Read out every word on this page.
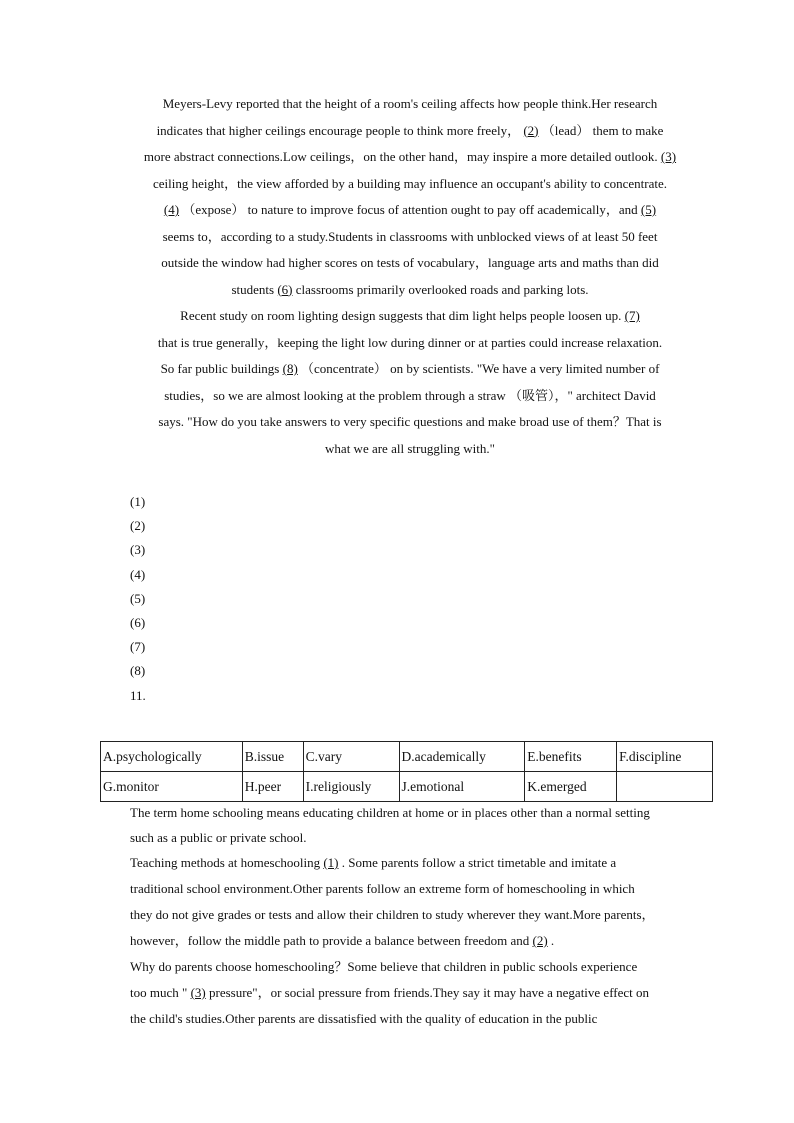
Meyers-Levy reported that the height of a room's ceiling affects how people think.Her research
indicates that higher ceilings encourage people to think more freely， (2) （lead） them to make
more abstract connections.Low ceilings，on the other hand，may inspire a more detailed outlook. (3)
ceiling height，the view afforded by a building may influence an occupant's ability to concentrate.
(4) （expose） to nature to improve focus of attention ought to pay off academically，and (5)
seems to，according to a study.Students in classrooms with unblocked views of at least 50 feet
outside the window had higher scores on tests of vocabulary，language arts and maths than did
students (6) classrooms primarily overlooked roads and parking lots.

Recent study on room lighting design suggests that dim light helps people loosen up. (7)
that is true generally，keeping the light low during dinner or at parties could increase relaxation.
So far public buildings (8) （concentrate） on by scientists. "We have a very limited number of
studies，so we are almost looking at the problem through a straw （吸管），" architect David
says. "How do you take answers to very specific questions and make broad use of them？That is
what we are all struggling with."

(1)
(2)
(3)
(4)
(5)
(6)
(7)
(8)
11.
A.psychologically	B.issue	C.vary	D.academically	E.benefits	F.discipline
G.monitor	H.peer	I.religiously	J.emotional	K.emerged	
The term home schooling means educating children at home or in places other than a normal setting
such as a public or private school.
Teaching methods at homeschooling (1) . Some parents follow a strict timetable and imitate a
traditional school environment.Other parents follow an extreme form of homeschooling in which
they do not give grades or tests and allow their children to study wherever they want.More parents，
however，follow the middle path to provide a balance between freedom and (2) .
Why do parents choose homeschooling？Some believe that children in public schools experience
too much " (3) pressure"，or social pressure from friends.They say it may have a negative effect on
the child's studies.Other parents are dissatisfied with the quality of education in the public
